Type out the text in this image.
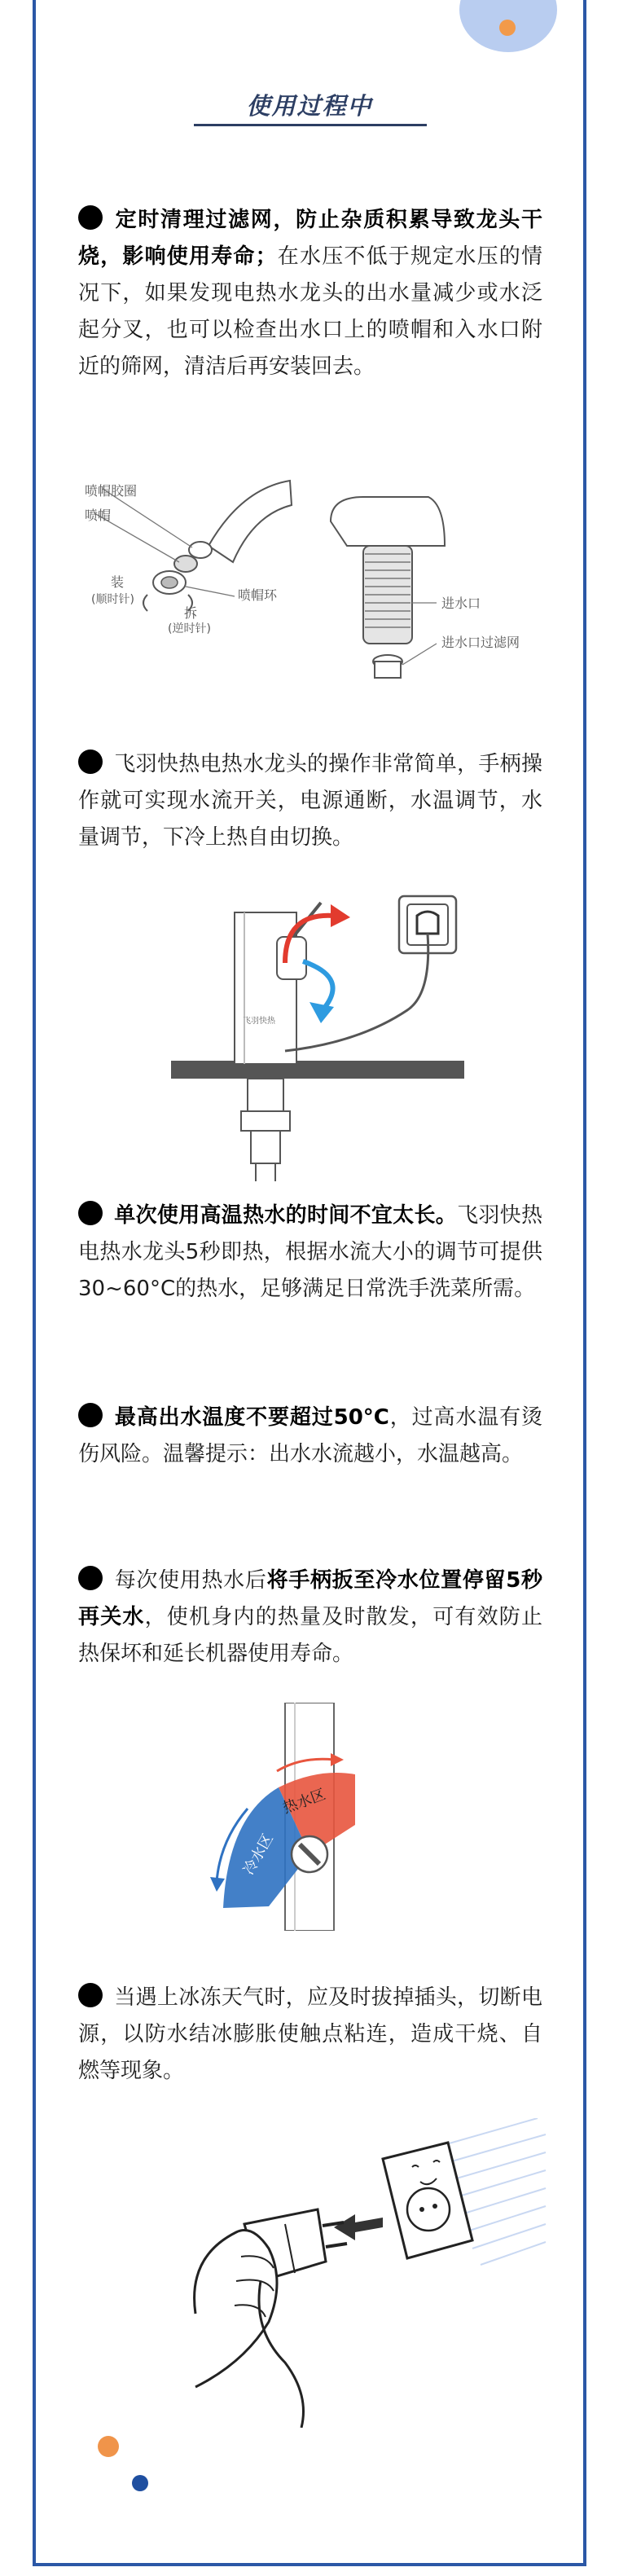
使用过程中
定时清理过滤网，防止杂质积累导致龙头干烧，影响使用寿命；在水压不低于规定水压的情况下，如果发现电热水龙头的出水量减少或水泛起分叉，也可以检查出水口上的喷帽和入水口附近的筛网，清洁后再安装回去。
喷帽胶圈
喷帽
装
(顺时针)	喷帽环
拆
(逆时针)
进水口
进水口过滤网
飞羽快热电热水龙头的操作非常简单，手柄操作就可实现水流开关，电源通断，水温调节，水量调节，下冷上热自由切换。
飞羽快热
单次使用高温热水的时间不宜太长。飞羽快热电热水龙头5秒即热，根据水流大小的调节可提供30~60°C的热水，足够满足日常洗手洗菜所需。
最高出水温度不要超过50°C，过高水温有烫伤风险。温馨提示：出水水流越小，水温越高。
每次使用热水后将手柄扳至冷水位置停留5秒再关水，使机身内的热量及时散发，可有效防止热保坏和延长机器使用寿命。
热水区
冷水区
当遇上冰冻天气时，应及时拔掉插头，切断电源，以防水结冰膨胀使触点粘连，造成干烧、自燃等现象。
